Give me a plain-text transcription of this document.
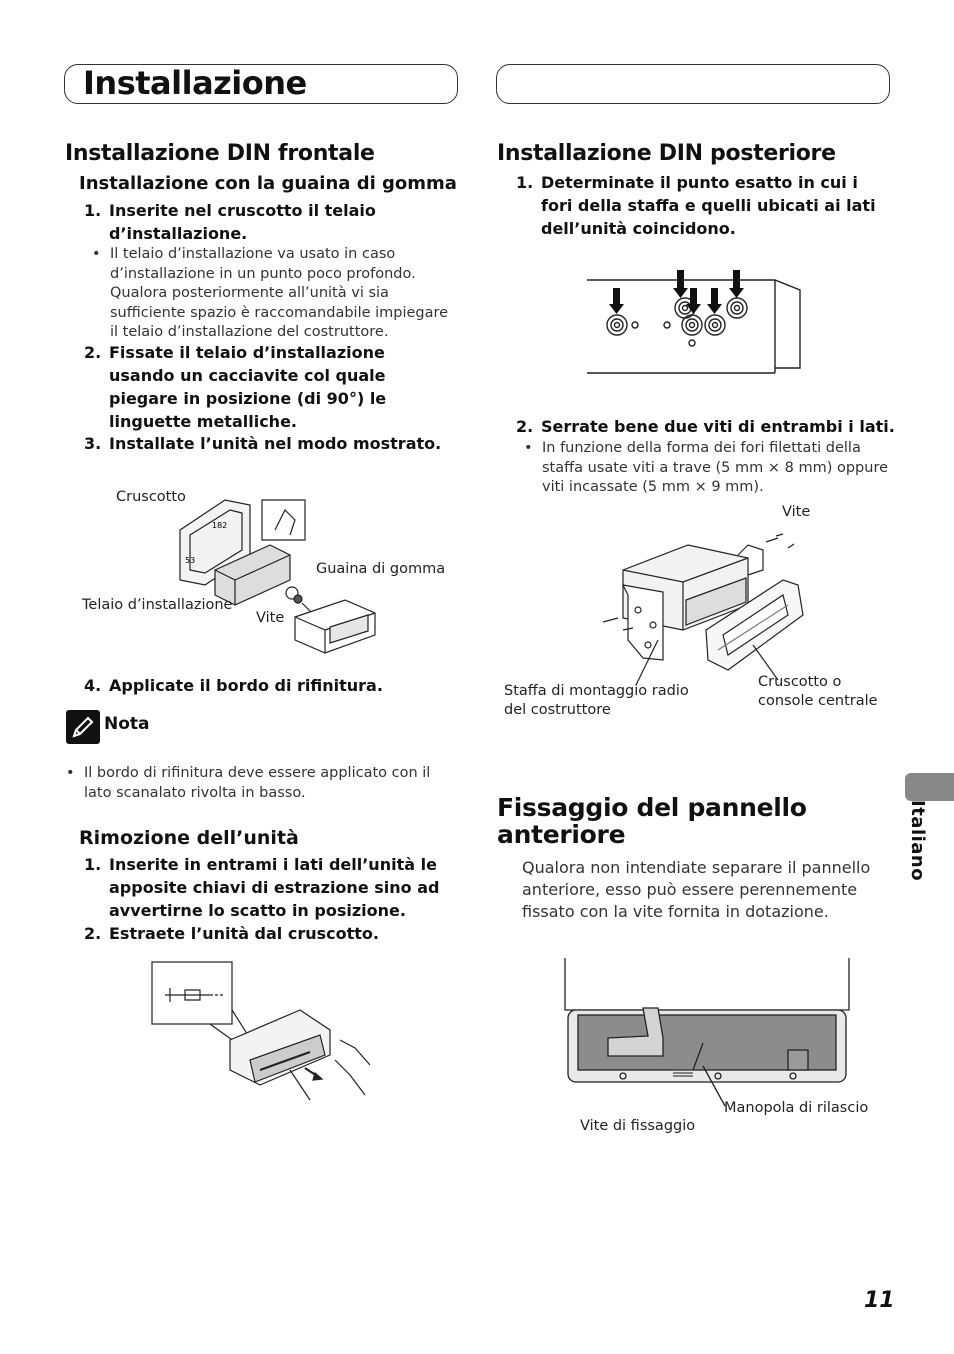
Installazione
Installazione DIN frontale
Installazione con la guaina di gomma
1. Inserite nel cruscotto il telaio
d’installazione.
• Il telaio d’installazione va usato in caso
d’installazione in un punto poco profondo.
Qualora posteriormente all’unità vi sia
sufficiente spazio è raccomandabile impiegare
il telaio d’installazione del costruttore.
2. Fissate il telaio d’installazione
usando un cacciavite col quale
piegare in posizione (di 90°) le
linguette metalliche.
3. Installate l’unità nel modo mostrato.
182
53
Cruscotto
Guaina di gomma
Telaio d’installazione
Vite
4. Applicate il bordo di rifinitura.
Nota
• Il bordo di rifinitura deve essere applicato con il
lato scanalato rivolta in basso.
Rimozione dell’unità
1. Inserite in entrami i lati dell’unità le
apposite chiavi di estrazione sino ad
avvertirne lo scatto in posizione.
2. Estraete l’unità dal cruscotto.
Installazione DIN posteriore
1. Determinate il punto esatto in cui i
fori della staffa e quelli ubicati ai lati
dell’unità coincidono.
2. Serrate bene due viti di entrambi i lati.
• In funzione della forma dei fori filettati della
staffa usate viti a trave (5 mm × 8 mm) oppure
viti incassate (5 mm × 9 mm).
Vite
Staffa di montaggio radio
del costruttore
Cruscotto o
console centrale
Fissaggio del pannello
anteriore
Qualora non intendiate separare il pannello
anteriore, esso può essere perennemente
fissato con la vite fornita in dotazione.
Manopola di rilascio
Vite di fissaggio
Italiano
11
